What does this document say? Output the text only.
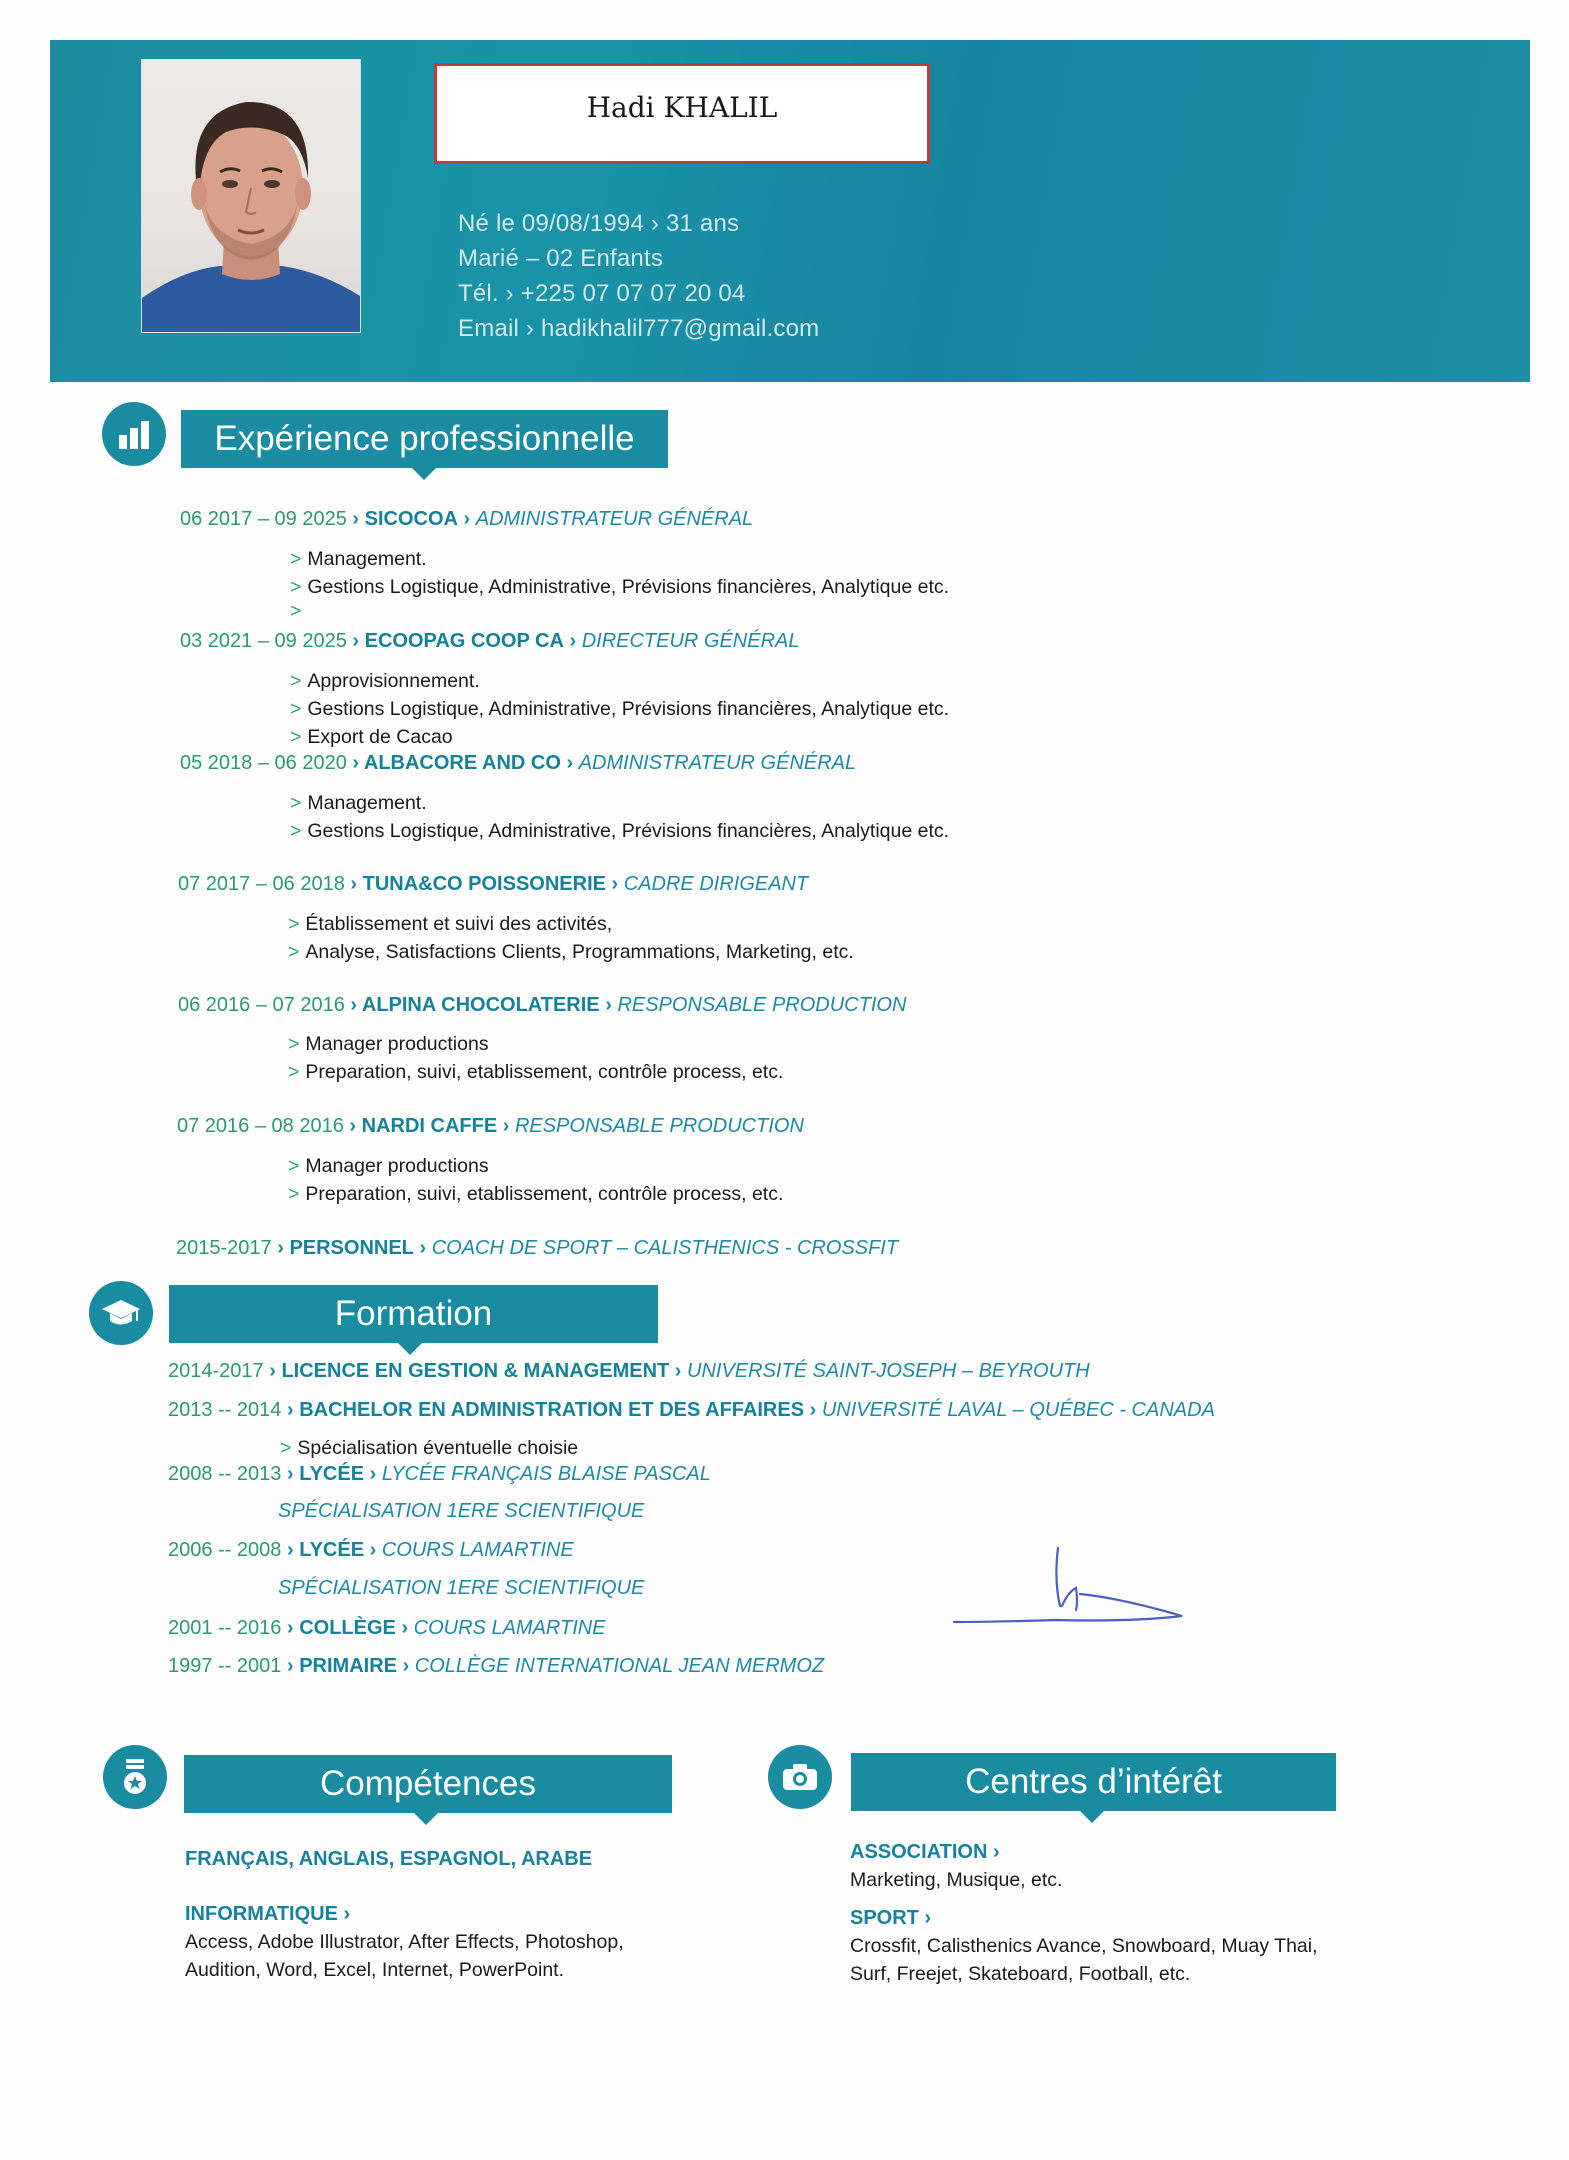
Hadi KHALIL
Né le 09/08/1994 › 31 ans
Marié – 02 Enfants
Tél. › +225 07 07 07 20 04
Email › hadikhalil777@gmail.com
Expérience professionnelle
06 2017 – 09 2025 › SICOCOA › ADMINISTRATEUR GÉNÉRAL
> Management.
> Gestions Logistique, Administrative, Prévisions financières, Analytique etc.
>
03 2021 – 09 2025 › ECOOPAG COOP CA › DIRECTEUR GÉNÉRAL
> Approvisionnement.
> Gestions Logistique, Administrative, Prévisions financières, Analytique etc.
> Export de Cacao
05 2018 – 06 2020 › ALBACORE AND CO › ADMINISTRATEUR GÉNÉRAL
> Management.
> Gestions Logistique, Administrative, Prévisions financières, Analytique etc.
07 2017 – 06 2018 › TUNA&CO POISSONERIE › CADRE DIRIGEANT
> Établissement et suivi des activités,
> Analyse, Satisfactions Clients, Programmations, Marketing, etc.
06 2016 – 07 2016 › ALPINA CHOCOLATERIE › RESPONSABLE PRODUCTION
> Manager productions
> Preparation, suivi, etablissement, contrôle process, etc.
07 2016 – 08 2016 › NARDI CAFFE › RESPONSABLE PRODUCTION
> Manager productions
> Preparation, suivi, etablissement, contrôle process, etc.
2015-2017 › PERSONNEL › COACH DE SPORT – CALISTHENICS - CROSSFIT
Formation
2014-2017 › LICENCE EN GESTION & MANAGEMENT › UNIVERSITÉ SAINT-JOSEPH – BEYROUTH
2013 -- 2014 › BACHELOR EN ADMINISTRATION ET DES AFFAIRES › UNIVERSITÉ LAVAL – QUÉBEC - CANADA
> Spécialisation éventuelle choisie
2008 -- 2013 › LYCÉE › LYCÉE FRANÇAIS BLAISE PASCAL
SPÉCIALISATION 1ERE SCIENTIFIQUE
2006 -- 2008 › LYCÉE › COURS LAMARTINE
SPÉCIALISATION 1ERE SCIENTIFIQUE
2001 -- 2016 › COLLÈGE › COURS LAMARTINE
1997 -- 2001 › PRIMAIRE › COLLÈGE INTERNATIONAL JEAN MERMOZ
Compétences
FRANÇAIS, ANGLAIS, ESPAGNOL, ARABE
INFORMATIQUE ›
Access, Adobe Illustrator, After Effects, Photoshop,
Audition, Word, Excel, Internet, PowerPoint.
Centres d’intérêt
ASSOCIATION ›
Marketing, Musique, etc.
SPORT ›
Crossfit, Calisthenics Avance, Snowboard, Muay Thai,
Surf, Freejet, Skateboard, Football, etc.
